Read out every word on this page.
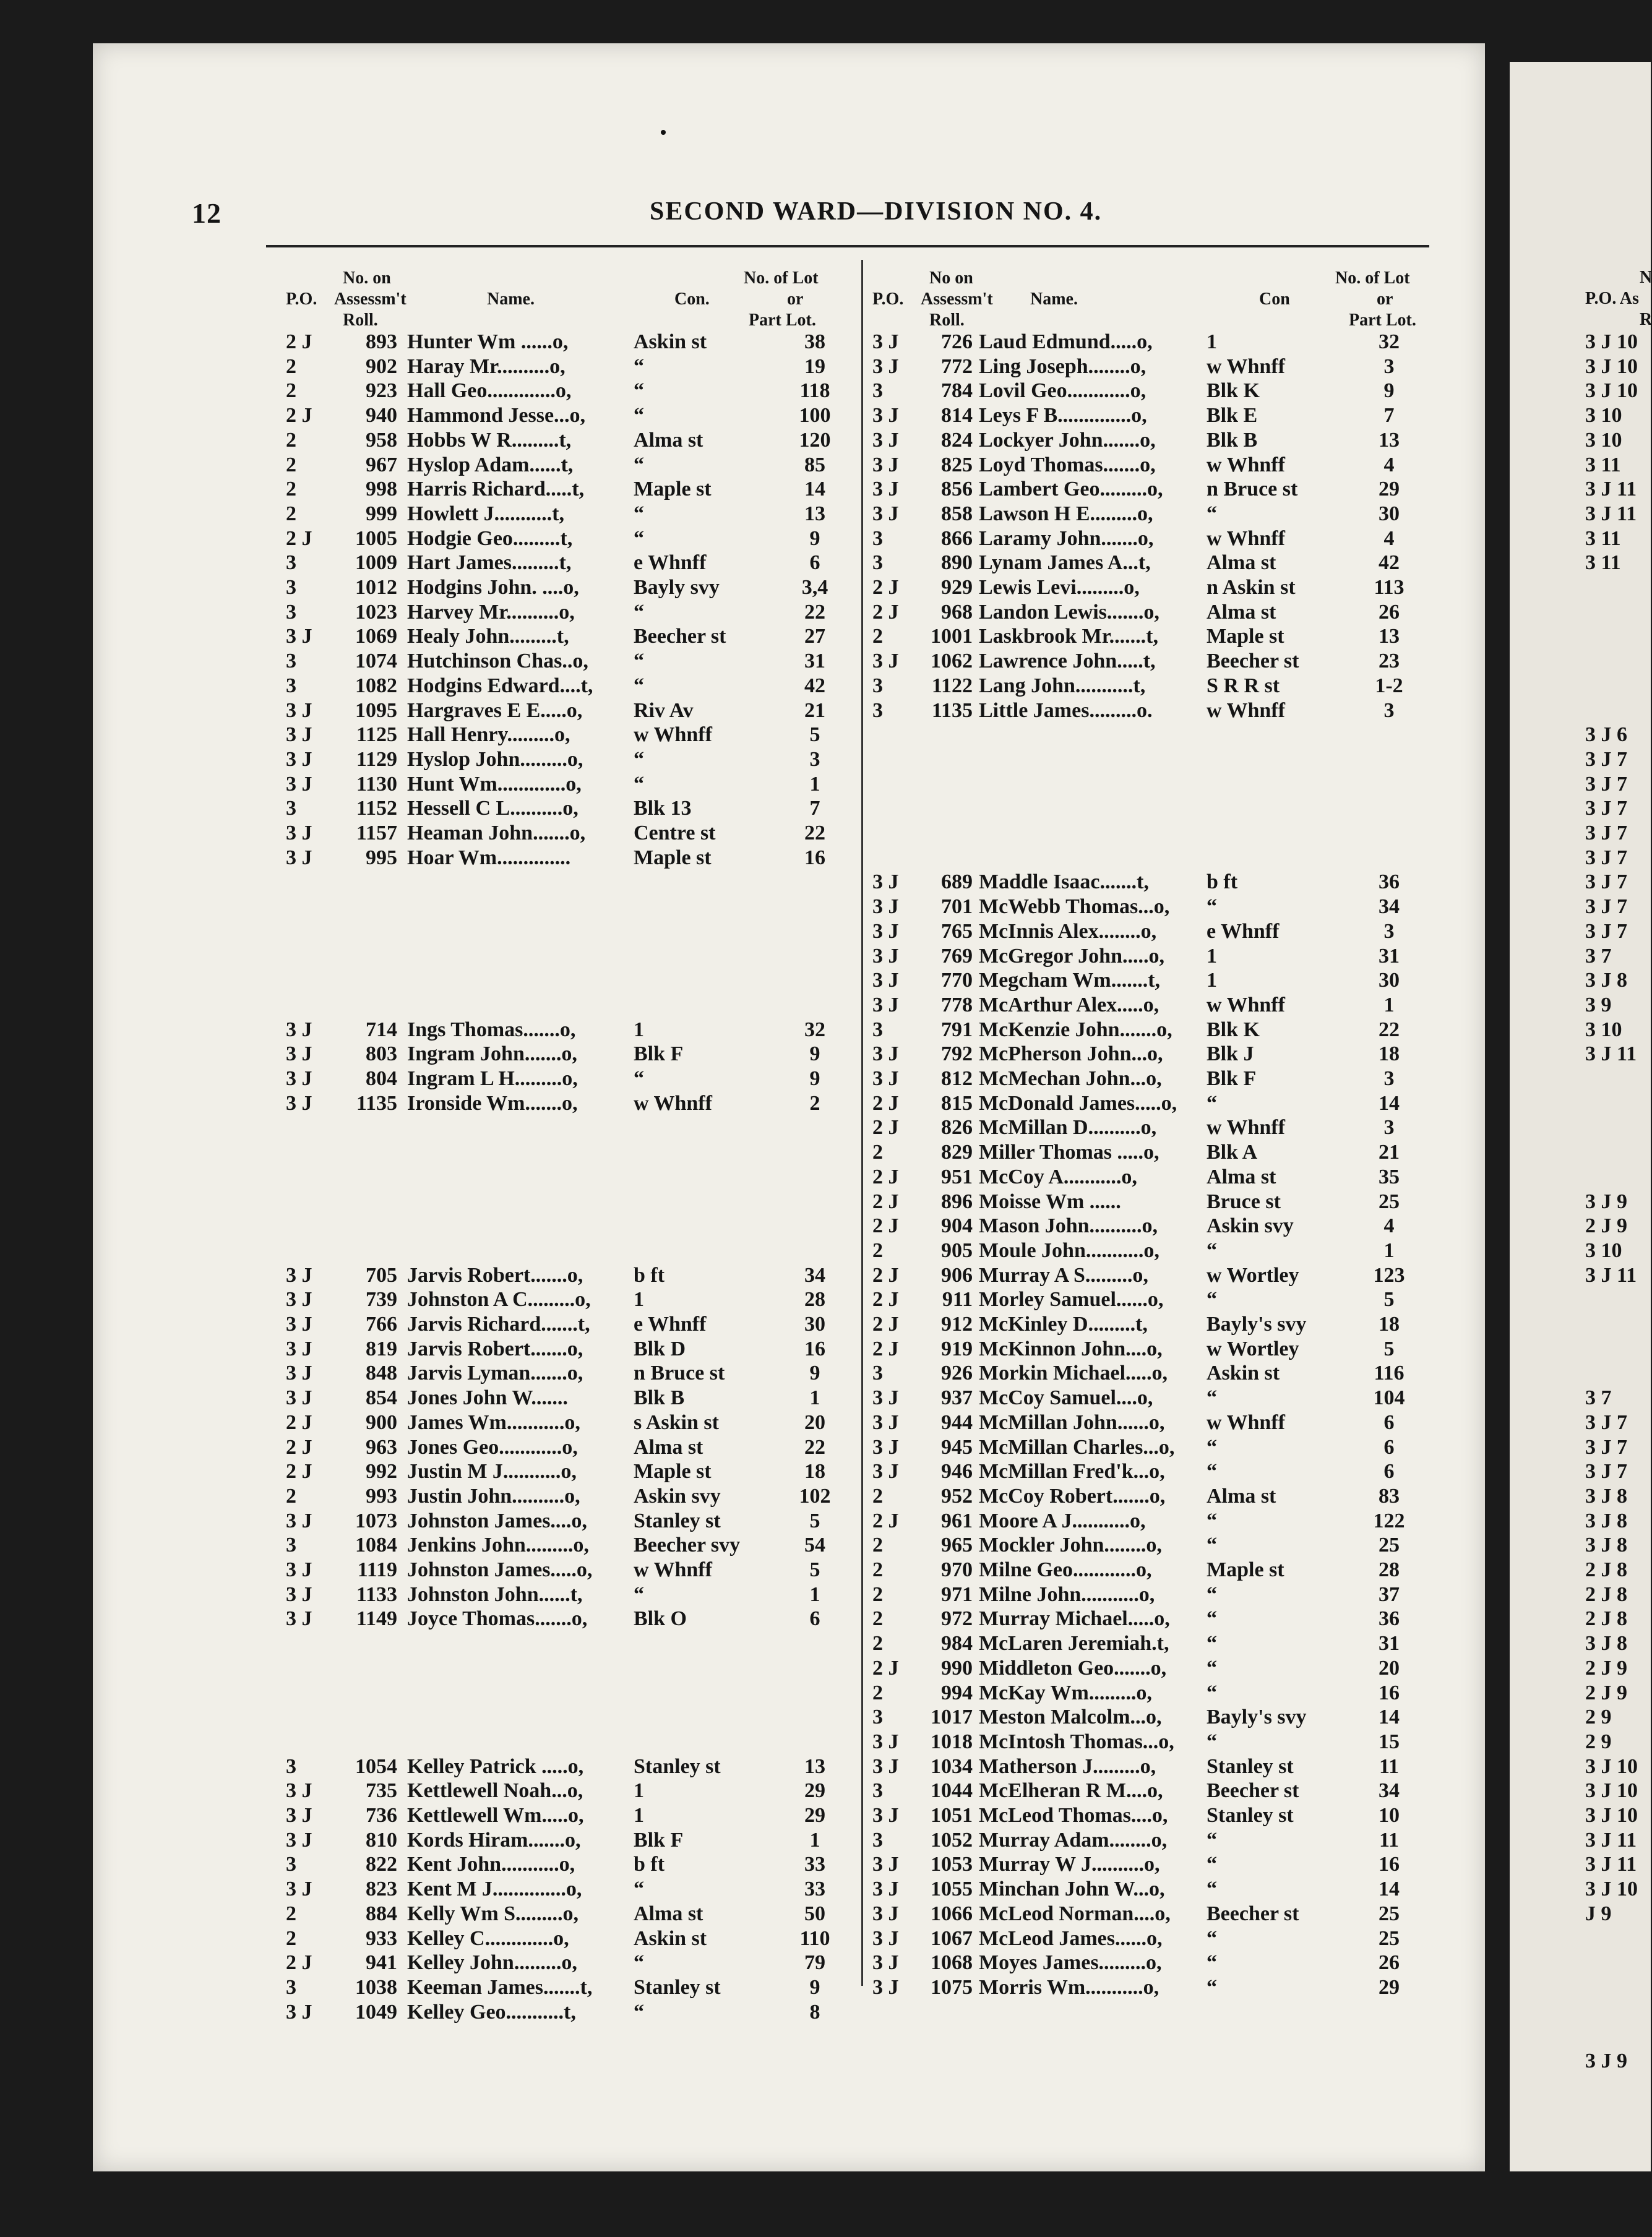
12	SECOND WARD—DIVISION NO. 4.
No. on
P.O. Assessm't
Roll.
Name.	Con.
No. of Lot
or
Part Lot.
2 J	893 Hunter Wm ......o,	Askin st	38
2	902 Haray Mr..........o,	“	19
2	923 Hall Geo.............o,	“	118
2 J	940 Hammond Jesse...o,	“	100
2	958 Hobbs W R.........t,	Alma st	120
2	967 Hyslop Adam......t,	“	85
2	998 Harris Richard.....t,	Maple st	14
2	999 Howlett J...........t,	“	13
2 J	1005 Hodgie Geo.........t,	“	9
3	1009 Hart James.........t,	e Whnff	6
3	1012 Hodgins John. ....o,	Bayly svy	3,4
3	1023 Harvey Mr..........o,	“	22
3 J	1069 Healy John.........t,	Beecher st	27
3	1074 Hutchinson Chas..o,	“	31
3	1082 Hodgins Edward....t,	“	42
3 J	1095 Hargraves E E.....o,	Riv Av	21
3 J	1125 Hall Henry.........o,	w Whnff	5
3 J	1129 Hyslop John.........o,	“	3
3 J	1130 Hunt Wm.............o,	“	1
3	1152 Hessell C L..........o,	Blk 13	7
3 J	1157 Heaman John.......o,	Centre st	22
3 J	995 Hoar Wm..............	Maple st	16
3 J	714 Ings Thomas.......o,	1	32
3 J	803 Ingram John.......o,	Blk F	9
3 J	804 Ingram L H.........o,	“	9
3 J	1135 Ironside Wm.......o,	w Whnff	2
3 J	705 Jarvis Robert.......o,	b ft	34
3 J	739 Johnston A C.........o,	1	28
3 J	766 Jarvis Richard.......t,	e Whnff	30
3 J	819 Jarvis Robert.......o,	Blk D	16
3 J	848 Jarvis Lyman.......o,	n Bruce st	9
3 J	854 Jones John W.......	Blk B	1
2 J	900 James Wm...........o,	s Askin st	20
2 J	963 Jones Geo............o,	Alma st	22
2 J	992 Justin M J...........o,	Maple st	18
2	993 Justin John..........o,	Askin svy	102
3 J	1073 Johnston James....o,	Stanley st	5
3	1084 Jenkins John.........o,	Beecher svy	54
3 J	1119 Johnston James.....o,	w Whnff	5
3 J	1133 Johnston John......t,	“	1
3 J	1149 Joyce Thomas.......o,	Blk O	6
3	1054 Kelley Patrick .....o,	Stanley st	13
3 J	735 Kettlewell Noah...o,	1	29
3 J	736 Kettlewell Wm.....o,	1	29
3 J	810 Kords Hiram.......o,	Blk F	1
3	822 Kent John...........o,	b ft	33
3 J	823 Kent M J..............o,	“	33
2	884 Kelly Wm S.........o,	Alma st	50
2	933 Kelley C.............o,	Askin st	110
2 J	941 Kelley John.........o,	“	79
3	1038 Keeman James.......t,	Stanley st	9
3 J	1049 Kelley Geo...........t,	“	8
No on
P.O. Assessm't
Roll.
Name.	Con
No. of Lot
or
Part Lot.
3 J	726 Laud Edmund.....o,	1	32
3 J	772 Ling Joseph........o,	w Whnff	3
3	784 Lovil Geo............o,	Blk K	9
3 J	814 Leys F B..............o,	Blk E	7
3 J	824 Lockyer John.......o,	Blk B	13
3 J	825 Loyd Thomas.......o,	w Whnff	4
3 J	856 Lambert Geo.........o,	n Bruce st	29
3 J	858 Lawson H E.........o,	“	30
3	866 Laramy John.......o,	w Whnff	4
3	890 Lynam James A...t,	Alma st	42
2 J	929 Lewis Levi.........o,	n Askin st	113
2 J	968 Landon Lewis.......o,	Alma st	26
2	1001 Laskbrook Mr.......t,	Maple st	13
3 J	1062 Lawrence John.....t,	Beecher st	23
3	1122 Lang John...........t,	S R R st	1-2
3	1135 Little James.........o.	w Whnff	3
3 J	689 Maddle Isaac.......t,	b ft	36
3 J	701 McWebb Thomas...o,	“	34
3 J	765 McInnis Alex........o,	e Whnff	3
3 J	769 McGregor John.....o,	1	31
3 J	770 Megcham Wm.......t,	1	30
3 J	778 McArthur Alex.....o,	w Whnff	1
3	791 McKenzie John.......o,	Blk K	22
3 J	792 McPherson John...o,	Blk J	18
3 J	812 McMechan John...o,	Blk F	3
2 J	815 McDonald James.....o,	“	14
2 J	826 McMillan D..........o,	w Whnff	3
2	829 Miller Thomas .....o,	Blk A	21
2 J	951 McCoy A...........o,	Alma st	35
2 J	896 Moisse Wm ......	Bruce st	25
2 J	904 Mason John..........o,	Askin svy	4
2	905 Moule John...........o,	“	1
2 J	906 Murray A S.........o,	w Wortley	123
2 J	911 Morley Samuel......o,	“	5
2 J	912 McKinley D.........t,	Bayly's svy	18
2 J	919 McKinnon John....o,	w Wortley	5
3	926 Morkin Michael.....o,	Askin st	116
3 J	937 McCoy Samuel....o,	“	104
3 J	944 McMillan John......o,	w Whnff	6
3 J	945 McMillan Charles...o,	“	6
3 J	946 McMillan Fred'k...o,	“	6
2	952 McCoy Robert.......o,	Alma st	83
2 J	961 Moore A J...........o,	“	122
2	965 Mockler John........o,	“	25
2	970 Milne Geo............o,	Maple st	28
2	971 Milne John...........o,	“	37
2	972 Murray Michael.....o,	“	36
2	984 McLaren Jeremiah.t,	“	31
2 J	990 Middleton Geo.......o,	“	20
2	994 McKay Wm.........o,	“	16
3	1017 Meston Malcolm...o,	Bayly's svy	14
3 J	1018 McIntosh Thomas...o,	“	15
3 J	1034 Matherson J.........o,	Stanley st	11
3	1044 McElheran R M....o,	Beecher st	34
3 J	1051 McLeod Thomas....o,	Stanley st	10
3	1052 Murray Adam........o,	“	11
3 J	1053 Murray W J..........o,	“	16
3 J	1055 Minchan John W...o,	“	14
3 J	1066 McLeod Norman....o,	Beecher st	25
3 J	1067 McLeod James......o,	“	25
3 J	1068 Moyes James.........o,	“	26
3 J	1075 Morris Wm...........o,	“	29
N
P.O. As
R
3 J 10
3 J 10
3 J 10
3 10
3 10
3 11
3 J 11
3 J 11
3 11
3 11
3 J 6
3 J 7
3 J 7
3 J 7
3 J 7
3 J 7
3 J 7
3 J 7
3 J 7
3 7
3 J 8
3 9
3 10
3 J 11
3 J 9
2 J 9
3 10
3 J 11
3 7
3 J 7
3 J 7
3 J 7
3 J 8
3 J 8
3 J 8
2 J 8
2 J 8
2 J 8
3 J 8
2 J 9
2 J 9
2 9
2 9
3 J 10
3 J 10
3 J 10
3 J 11
3 J 11
3 J 10
J 9
3 J 9
